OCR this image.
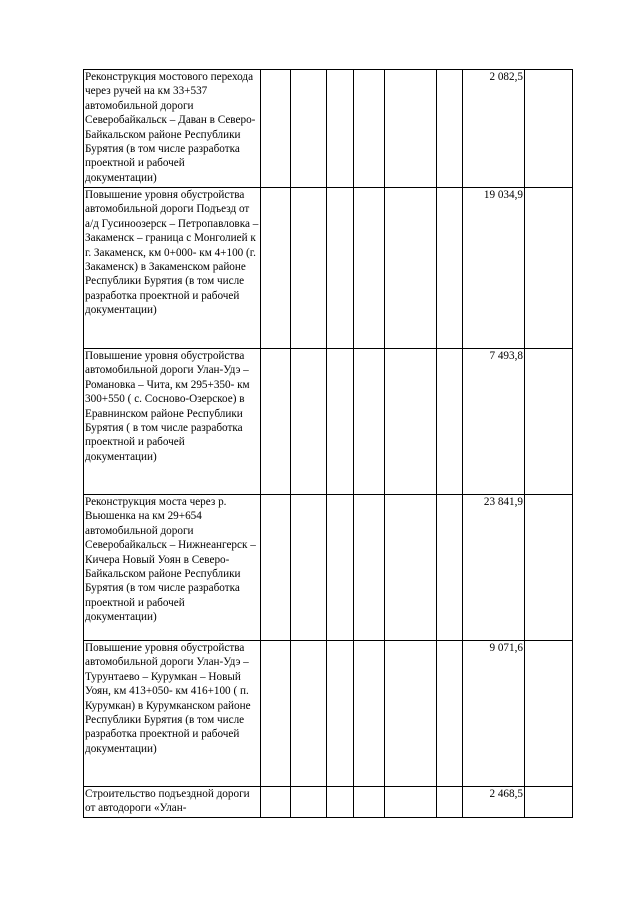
Реконструкция мостового перехода через ручей на км 33+537 автомобильной дороги Северобайкальск – Даван в Северо-Байкальском районе Республики Бурятия (в том числе разработка проектной и рабочей документации)							2 082,5	
Повышение уровня обустройства автомобильной дороги Подъезд от а/д Гусиноозерск – Петропавловка – Закаменск – граница с Монголией к г. Закаменск, км 0+000- км 4+100 (г. Закаменск) в Закаменском районе Республики Бурятия (в том числе разработка проектной и рабочей документации)							19 034,9	
Повышение уровня обустройства автомобильной дороги Улан-Удэ – Романовка – Чита, км 295+350- км 300+550 ( с. Сосново-Озерское) в Еравнинском районе Республики Бурятия ( в том числе разработка проектной и рабочей документации)							7 493,8	
Реконструкция моста через р. Вьюшенка на км 29+654 автомобильной дороги Северобайкальск – Нижнеангерск – Кичера Новый Уоян в Северо-Байкальском районе Республики Бурятия (в том числе разработка проектной и рабочей документации)							23 841,9	
Повышение уровня обустройства автомобильной дороги Улан-Удэ – Турунтаево – Курумкан – Новый Уоян, км 413+050- км 416+100 ( п. Курумкан) в Курумканском районе Республики Бурятия (в том числе разработка проектной и рабочей документации)							9 071,6	
Строительство подъездной дороги от автодороги «Улан-							2 468,5	
